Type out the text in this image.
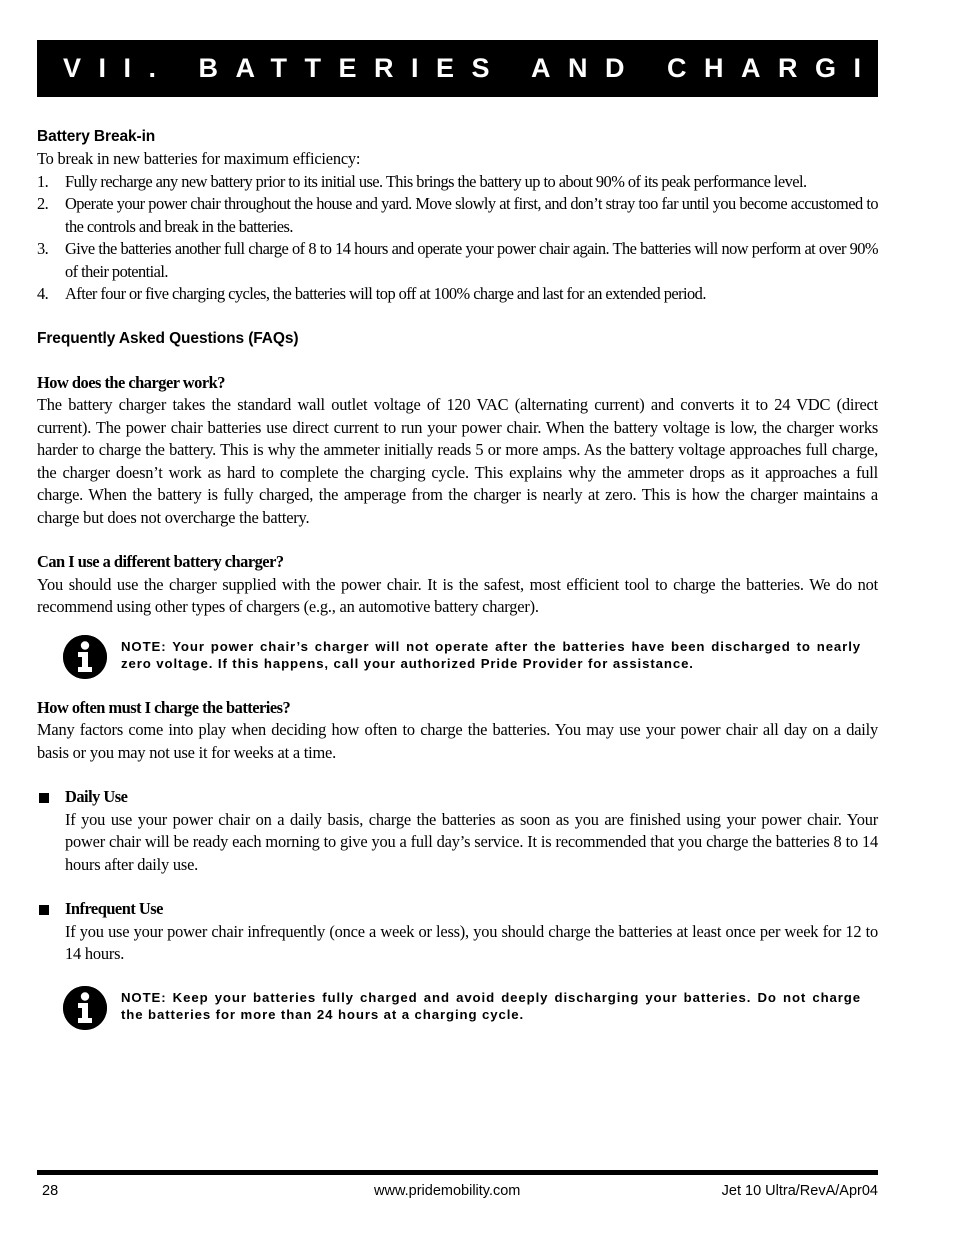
VII. BATTERIES AND CHARGING
Battery Break-in

To break in new batteries for maximum efficiency:

1. Fully recharge any new battery prior to its initial use. This brings the battery up to about 90% of its peak performance level.
2. Operate your power chair throughout the house and yard. Move slowly at first, and don’t stray too far until you become accustomed to the controls and break in the batteries.
3. Give the batteries another full charge of 8 to 14 hours and operate your power chair again. The batteries will now perform at over 90% of their potential.
4. After four or five charging cycles, the batteries will top off at 100% charge and last for an extended period.
Frequently Asked Questions (FAQs)
How does the charger work?

The battery charger takes the standard wall outlet voltage of 120 VAC (alternating current) and converts it to 24 VDC (direct current). The power chair batteries use direct current to run your power chair. When the battery voltage is low, the charger works harder to charge the battery. This is why the ammeter initially reads 5 or more amps. As the battery voltage approaches full charge, the charger doesn’t work as hard to complete the charging cycle. This explains why the ammeter drops as it approaches a full charge. When the battery is fully charged, the amperage from the charger is nearly at zero. This is how the charger maintains a charge but does not overcharge the battery.

Can I use a different battery charger?

You should use the charger supplied with the power chair. It is the safest, most efficient tool to charge the batteries. We do not recommend using other types of chargers (e.g., an automotive battery charger).

NOTE: Your power chair’s charger will not operate after the batteries have been discharged to nearly zero voltage. If this happens, call your authorized Pride Provider for assistance.
How often must I charge the batteries?

Many factors come into play when deciding how often to charge the batteries. You may use your power chair all day on a daily basis or you may not use it for weeks at a time.

Daily Use
If you use your power chair on a daily basis, charge the batteries as soon as you are finished using your power chair. Your power chair will be ready each morning to give you a full day’s service. It is recommended that you charge the batteries 8 to 14 hours after daily use.
Infrequent Use
If you use your power chair infrequently (once a week or less), you should charge the batteries at least once per week for 12 to 14 hours.
NOTE: Keep your batteries fully charged and avoid deeply discharging your batteries. Do not charge the batteries for more than 24 hours at a charging cycle.
28	www.pridemobility.com	Jet 10 Ultra/RevA/Apr04
